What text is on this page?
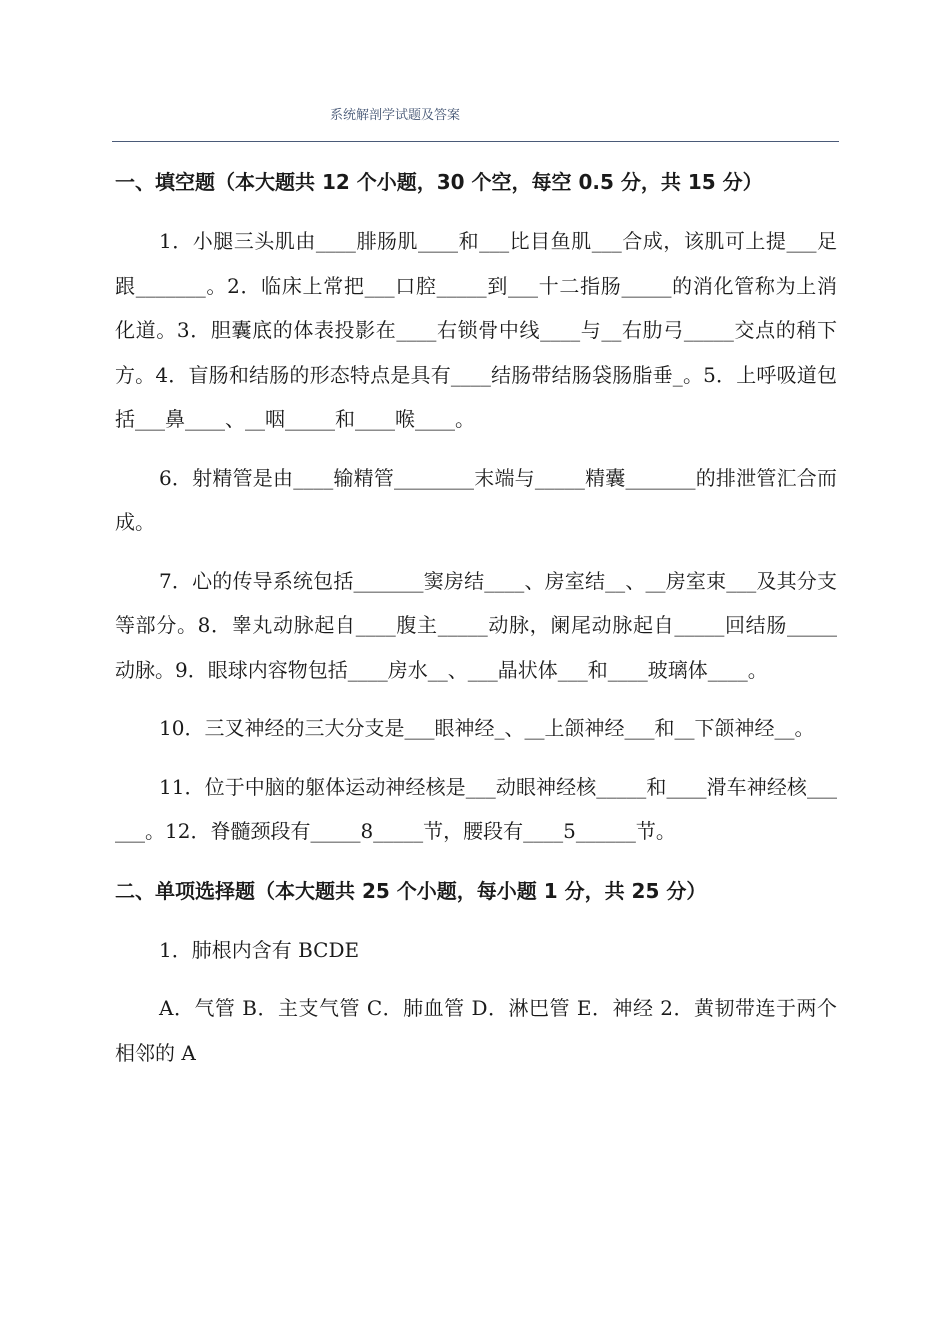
系统解剖学试题及答案

一、填空题（本大题共 12 个小题，30 个空，每空 0.5 分，共 15 分）

1．小腿三头肌由____腓肠肌____和___比目鱼肌___合成，该肌可上提___足跟_______。2．临床上常把___口腔_____到___十二指肠_____的消化管称为上消化道。3．胆囊底的体表投影在____右锁骨中线____与__右肋弓_____交点的稍下方。4．盲肠和结肠的形态特点是具有____结肠带结肠袋肠脂垂_。5．上呼吸道包括___鼻____、__咽_____和____喉____。

6．射精管是由____输精管________末端与_____精囊_______的排泄管汇合而成。

7．心的传导系统包括_______窦房结____、房室结__、__房室束___及其分支等部分。8．睾丸动脉起自____腹主_____动脉，阑尾动脉起自_____回结肠_____动脉。9．眼球内容物包括____房水__、___晶状体___和____玻璃体____。

10．三叉神经的三大分支是___眼神经_、__上颌神经___和__下颌神经__。

11．位于中脑的躯体运动神经核是___动眼神经核_____和____滑车神经核______。12．脊髓颈段有_____8_____节，腰段有____5______节。

二、单项选择题（本大题共 25 个小题，每小题 1 分，共 25 分）

1．肺根内含有 BCDE

A．气管 B．主支气管 C．肺血管 D．淋巴管 E．神经 2．黄韧带连于两个相邻的 A
